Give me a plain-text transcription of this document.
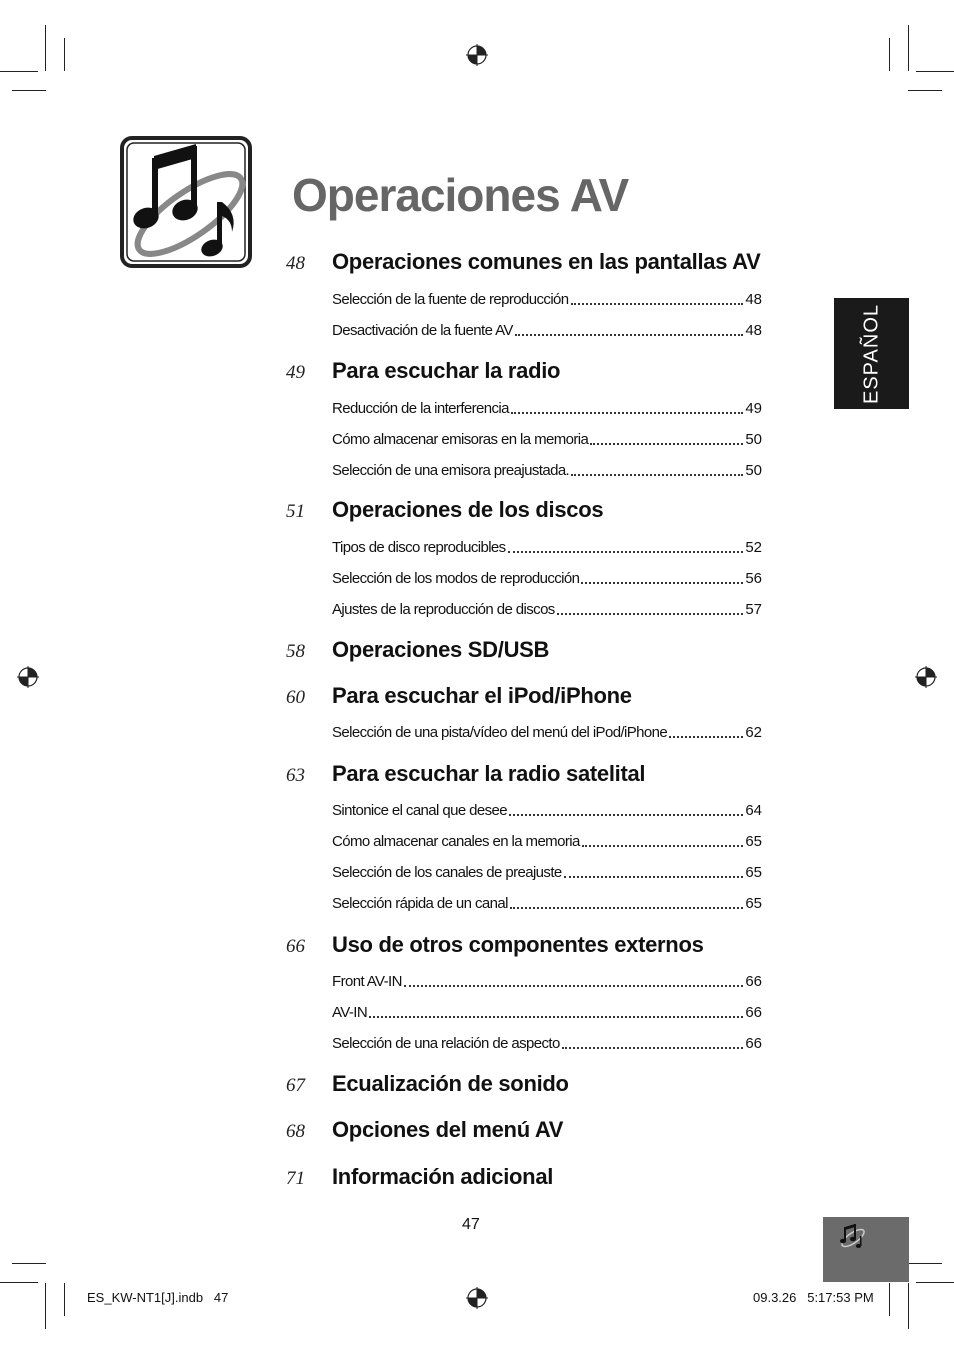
Operaciones AV
ESPAÑOL
48 Operaciones comunes en las pantallas AV
Selección de la fuente de reproducción	48
Desactivación de la fuente AV	48
49 Para escuchar la radio
Reducción de la interferencia	49
Cómo almacenar emisoras en la memoria	50
Selección de una emisora preajustada.	50
51 Operaciones de los discos
Tipos de disco reproducibles	52
Selección de los modos de reproducción	56
Ajustes de la reproducción de discos	57
58 Operaciones SD/USB
60 Para escuchar el iPod/iPhone
Selección de una pista/vídeo del menú del iPod/iPhone	62
63 Para escuchar la radio satelital
Sintonice el canal que desee	64
Cómo almacenar canales en la memoria	65
Selección de los canales de preajuste	65
Selección rápida de un canal	65
66 Uso de otros componentes externos
Front AV-IN	66
AV-IN	66
Selección de una relación de aspecto	66
67 Ecualización de sonido
68 Opciones del menú AV
71 Información adicional
47
ES_KW-NT1[J].indb   47	09.3.26   5:17:53 PM
